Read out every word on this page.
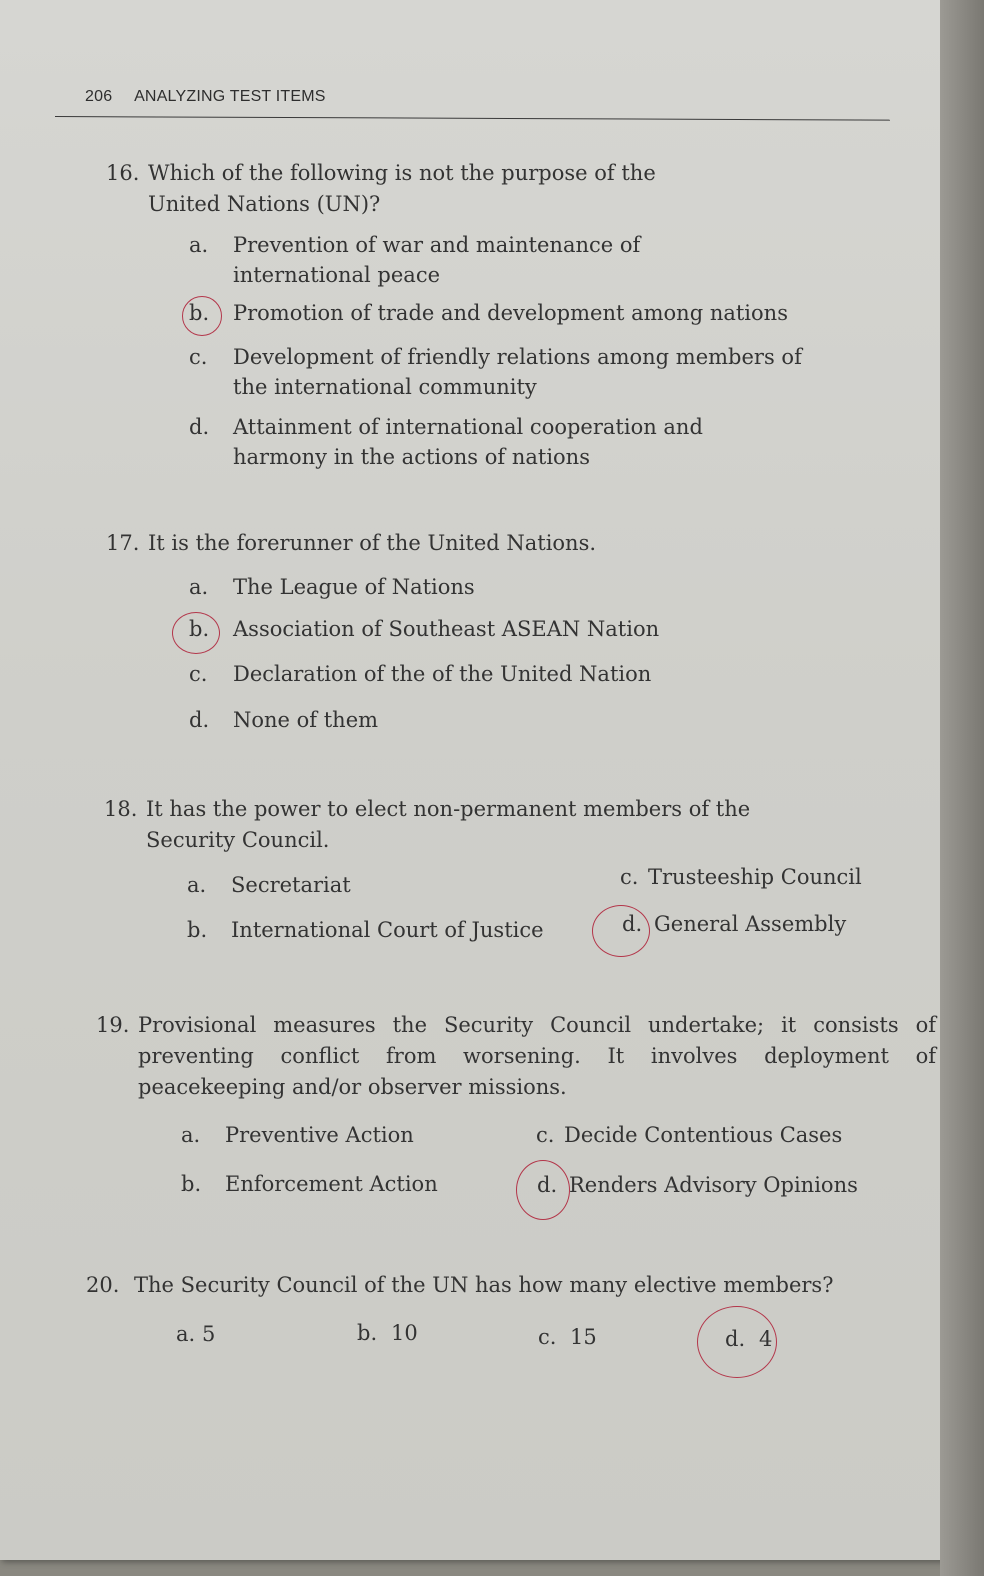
206 ANALYZING TEST ITEMS
16. Which of the following is not the purpose of the United Nations (UN)?
a.	Prevention of war and maintenance of international peace
b.	Promotion of trade and development among nations
c.	Development of friendly relations among members of the international community
d.	Attainment of international cooperation and harmony in the actions of nations
17. It is the forerunner of the United Nations.
a.	The League of Nations
b.	Association of Southeast ASEAN Nation
c.	Declaration of the of the United Nation
d.	None of them
18. It has the power to elect non-permanent members of the Security Council.
a.	Secretariat	c. Trusteeship Council
b.	International Court of Justice	d. General Assembly
19. Provisional measures the Security Council undertake; it consists of preventing conflict from worsening. It involves deployment of peacekeeping and/or observer missions.
a.	Preventive Action	c. Decide Contentious Cases
b.	Enforcement Action	d. Renders Advisory Opinions
20. The Security Council of the UN has how many elective members?
a. 5	b. 10	c. 15	d. 4
